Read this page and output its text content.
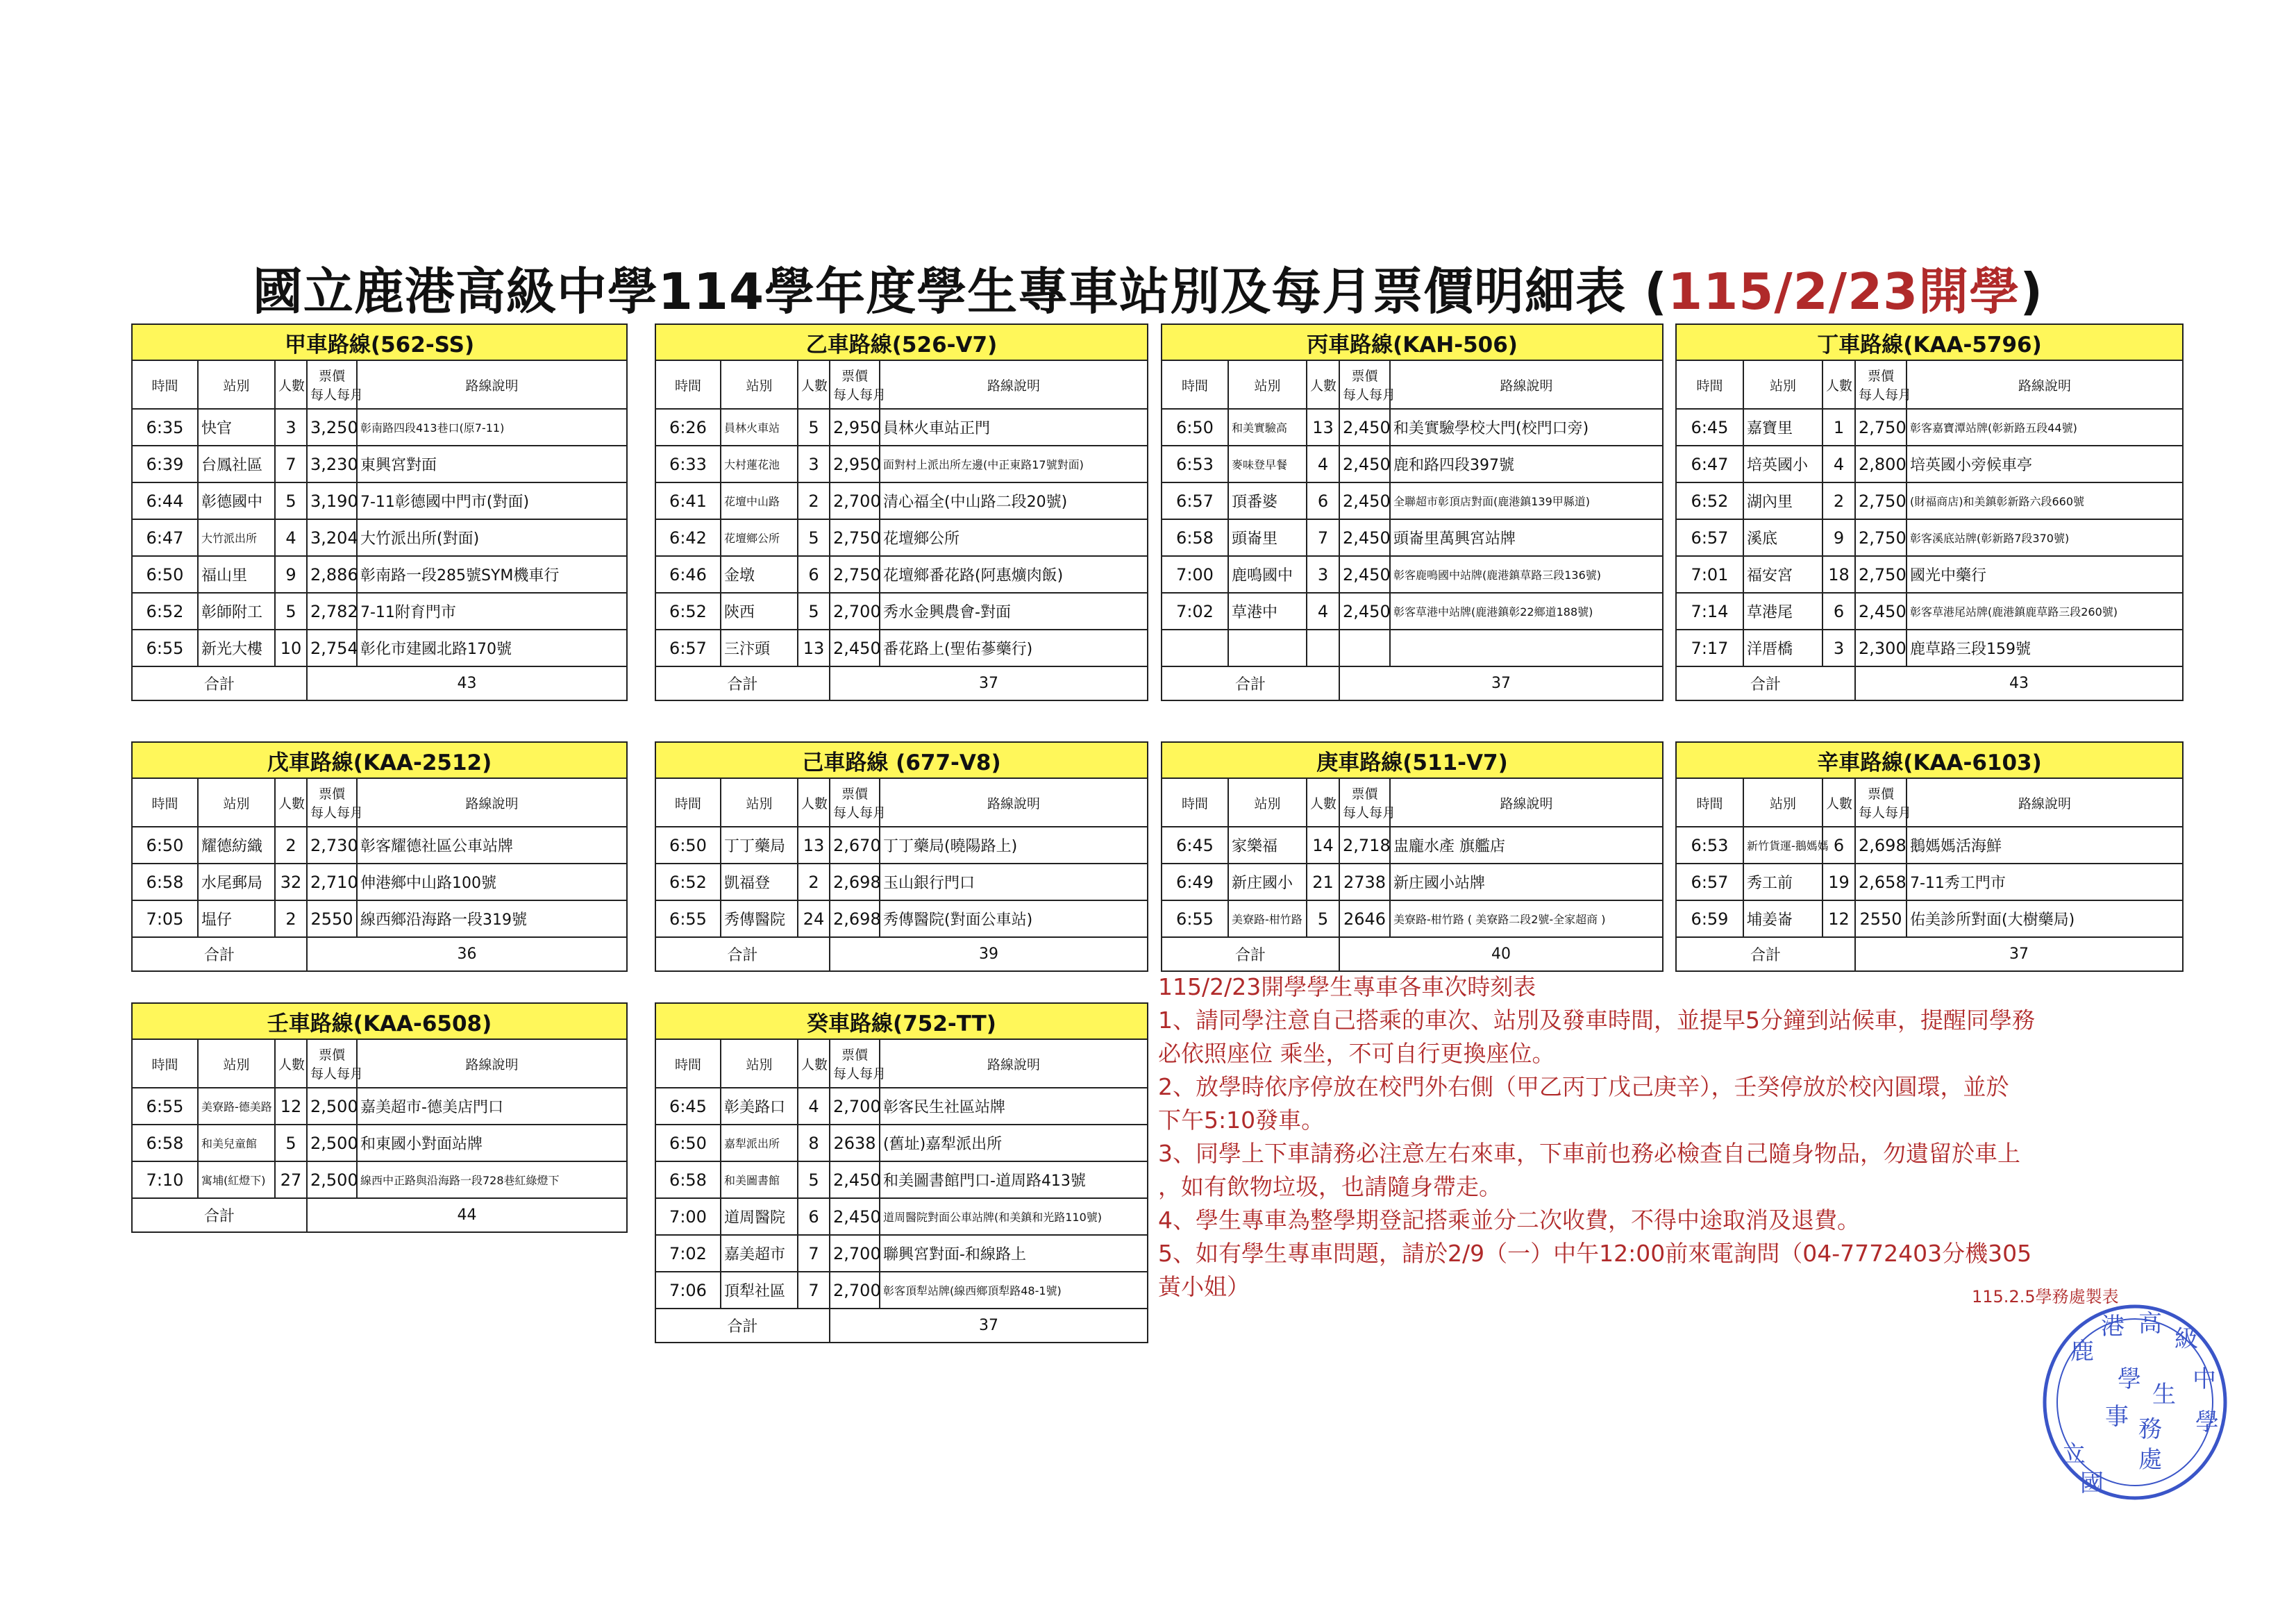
國立鹿港高級中學114學年度學生專車站別及每月票價明細表 (115/2/23開學)
甲車路線(562-SS)				
時間	站別	人數	票價
每人每月	路線說明
6:35	快官	3	3,250	彰南路四段413巷口(原7-11)
6:39	台鳳社區	7	3,230	東興宮對面
6:44	彰德國中	5	3,190	7-11彰德國中門市(對面)
6:47	大竹派出所	4	3,204	大竹派出所(對面)
6:50	福山里	9	2,886	彰南路一段285號SYM機車行
6:52	彰師附工	5	2,782	7-11附育門市
6:55	新光大樓	10	2,754	彰化市建國北路170號
合計			43	
乙車路線(526-V7)				
時間	站別	人數	票價
每人每月	路線說明
6:26	員林火車站	5	2,950	員林火車站正門
6:33	大村蓮花池	3	2,950	面對村上派出所左邊(中正東路17號對面)
6:41	花壇中山路	2	2,700	清心福全(中山路二段20號)
6:42	花壇鄉公所	5	2,750	花壇鄉公所
6:46	金墩	6	2,750	花壇鄉番花路(阿惠爌肉飯)
6:52	陝西	5	2,700	秀水金興農會-對面
6:57	三汴頭	13	2,450	番花路上(聖佑蔘藥行)
合計			37	
丙車路線(KAH-506)				
時間	站別	人數	票價
每人每月	路線說明
6:50	和美實驗高	13	2,450	和美實驗學校大門(校門口旁)
6:53	麥味登早餐	4	2,450	鹿和路四段397號
6:57	頂番婆	6	2,450	全聯超市彰頂店對面(鹿港鎮139甲縣道)
6:58	頭崙里	7	2,450	頭崙里萬興宮站牌
7:00	鹿鳴國中	3	2,450	彰客鹿鳴國中站牌(鹿港鎮草路三段136號)
7:02	草港中	4	2,450	彰客草港中站牌(鹿港鎮彰22鄉道188號)

合計			37	
丁車路線(KAA-5796)				
時間	站別	人數	票價
每人每月	路線說明
6:45	嘉寶里	1	2,750	彰客嘉寶潭站牌(彰新路五段44號)
6:47	培英國小	4	2,800	培英國小旁候車亭
6:52	湖內里	2	2,750	(財福商店)和美鎮彰新路六段660號
6:57	溪底	9	2,750	彰客溪底站牌(彰新路7段370號)
7:01	福安宮	18	2,750	國光中藥行
7:14	草港尾	6	2,450	彰客草港尾站牌(鹿港鎮鹿草路三段260號)
7:17	洋厝橋	3	2,300	鹿草路三段159號
合計			43	
戊車路線(KAA-2512)				
時間	站別	人數	票價
每人每月	路線說明
6:50	耀德紡織	2	2,730	彰客耀德社區公車站牌
6:58	水尾郵局	32	2,710	伸港鄉中山路100號
7:05	塭仔	2	2550	線西鄉沿海路一段319號
合計			36	
己車路線 (677-V8)				
時間	站別	人數	票價
每人每月	路線說明
6:50	丁丁藥局	13	2,670	丁丁藥局(曉陽路上)
6:52	凱福登	2	2,698	玉山銀行門口
6:55	秀傳醫院	24	2,698	秀傳醫院(對面公車站)
合計			39	
庚車路線(511-V7)				
時間	站別	人數	票價
每人每月	路線說明
6:45	家樂福	14	2,718	盅龐水產 旗艦店
6:49	新庄國小	21	2738	新庄國小站牌
6:55	美寮路-柑竹路	5	2646	美寮路-柑竹路 ( 美寮路二段2號-全家超商 )
合計			40	
辛車路線(KAA-6103)				
時間	站別	人數	票價
每人每月	路線說明
6:53	新竹貨運-鵝媽媽	6	2,698	鵝媽媽活海鮮
6:57	秀工前	19	2,658	7-11秀工門市
6:59	埔姜崙	12	2550	佑美診所對面(大樹藥局)
合計			37	
壬車路線(KAA-6508)				
時間	站別	人數	票價
每人每月	路線說明
6:55	美寮路-德美路	12	2,500	嘉美超市-德美店門口
6:58	和美兒童館	5	2,500	和東國小對面站牌
7:10	寓埔(紅燈下)	27	2,500	線西中正路與沿海路一段728巷紅綠燈下
合計			44	
癸車路線(752-TT)				
時間	站別	人數	票價
每人每月	路線說明
6:45	彰美路口	4	2,700	彰客民生社區站牌
6:50	嘉犁派出所	8	2638	(舊址)嘉犁派出所
6:58	和美圖書館	5	2,450	和美圖書館門口-道周路413號
7:00	道周醫院	6	2,450	道周醫院對面公車站牌(和美鎮和光路110號)
7:02	嘉美超市	7	2,700	聯興宮對面-和線路上
7:06	頂犁社區	7	2,700	彰客頂犁站牌(線西鄉頂犁路48-1號)
合計			37	
115/2/23開學學生專車各車次時刻表
1、請同學注意自己搭乘的車次、站別及發車時間，並提早5分鐘到站候車，提醒同學務
必依照座位 乘坐，不可自行更換座位。
2、放學時依序停放在校門外右側（甲乙丙丁戊己庚辛），壬癸停放於校內圓環，並於
下午5:10發車。
3、同學上下車請務必注意左右來車，下車前也務必檢查自己隨身物品，勿遺留於車上
，如有飲物垃圾，也請隨身帶走。
4、學生專車為整學期登記搭乘並分二次收費，不得中途取消及退費。
5、如有學生專車問題，請於2/9（一）中午12:00前來電詢問（04-7772403分機305
黃小姐）	115.2.5學務處製表
鹿
港 高
級
中
學
立
國
學
生
事 務
處
